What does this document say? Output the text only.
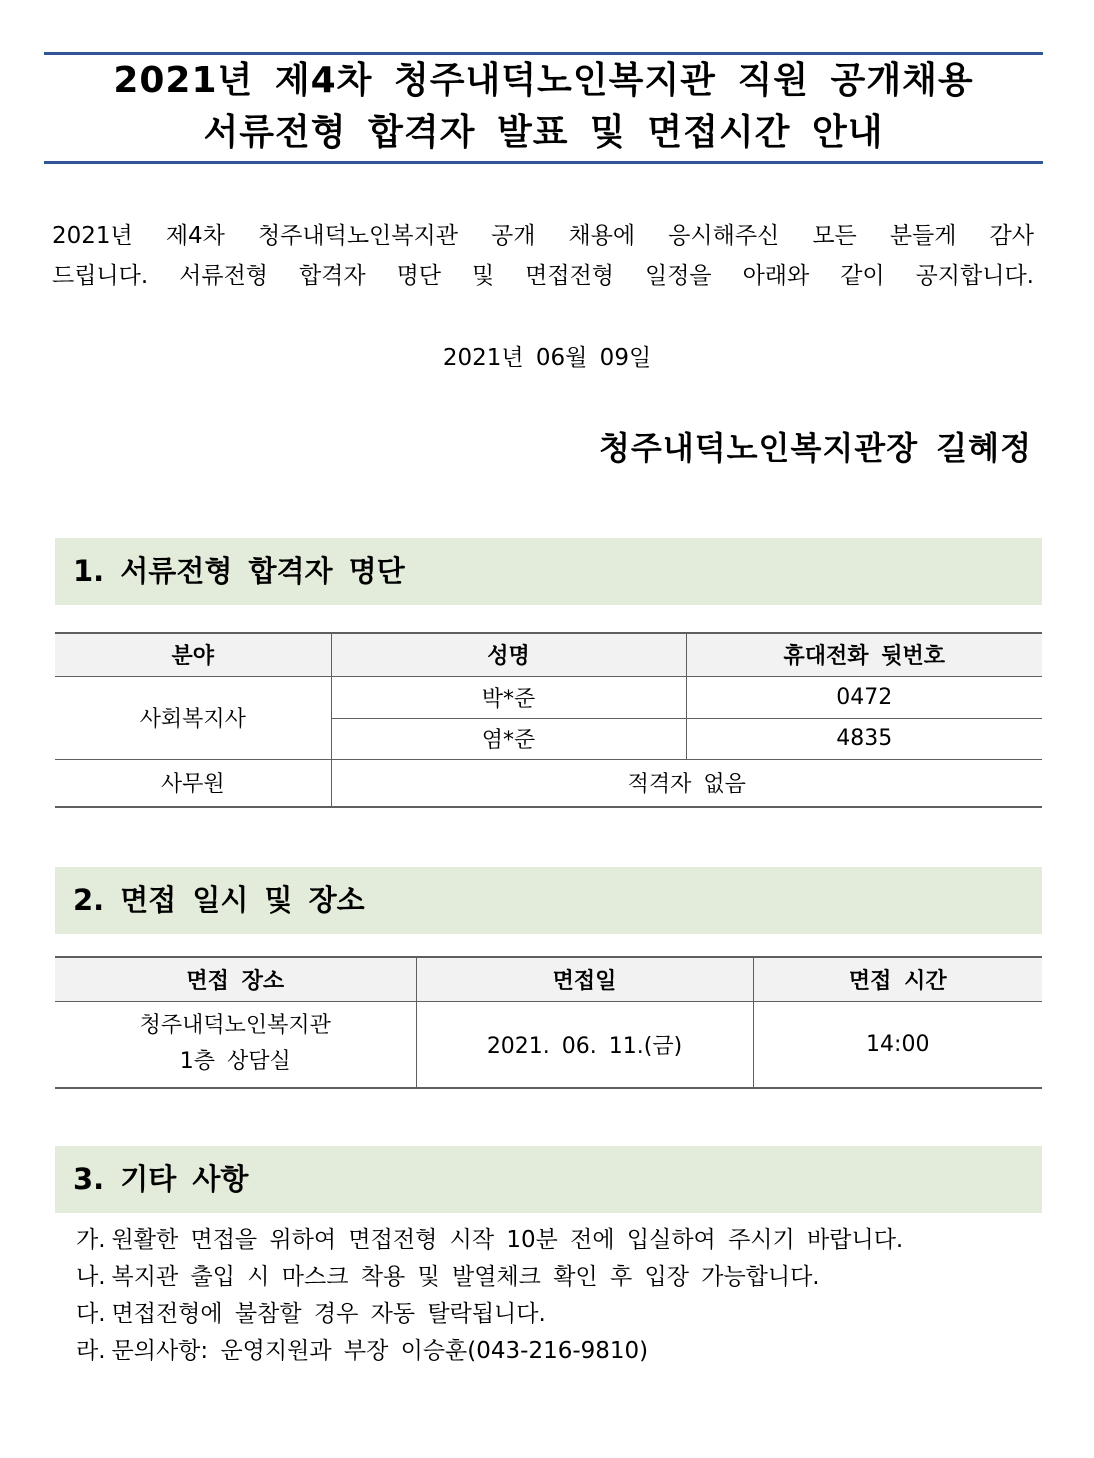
2021년 제4차 청주내덕노인복지관 직원 공개채용
서류전형 합격자 발표 및 면접시간 안내
2021년 제4차 청주내덕노인복지관 공개 채용에 응시해주신 모든 분들게 감사
드립니다. 서류전형 합격자 명단 및 면접전형 일정을 아래와 같이 공지합니다.
2021년 06월 09일
청주내덕노인복지관장 길혜정
1. 서류전형 합격자 명단
분야	성명	휴대전화 뒷번호
사회복지사	박*준	0472
	염*준	4835
사무원	적격자 없음	
2. 면접 일시 및 장소
면접 장소	면접일	면접 시간

청주내덕노인복지관
1층 상담실	2021. 06. 11.(금)	14:00
3. 기타 사항
가. 원활한 면접을 위하여 면접전형 시작 10분 전에 입실하여 주시기 바랍니다.
나. 복지관 출입 시 마스크 착용 및 발열체크 확인 후 입장 가능합니다.
다. 면접전형에 불참할 경우 자동 탈락됩니다.
라. 문의사항: 운영지원과 부장 이승훈(043-216-9810)
